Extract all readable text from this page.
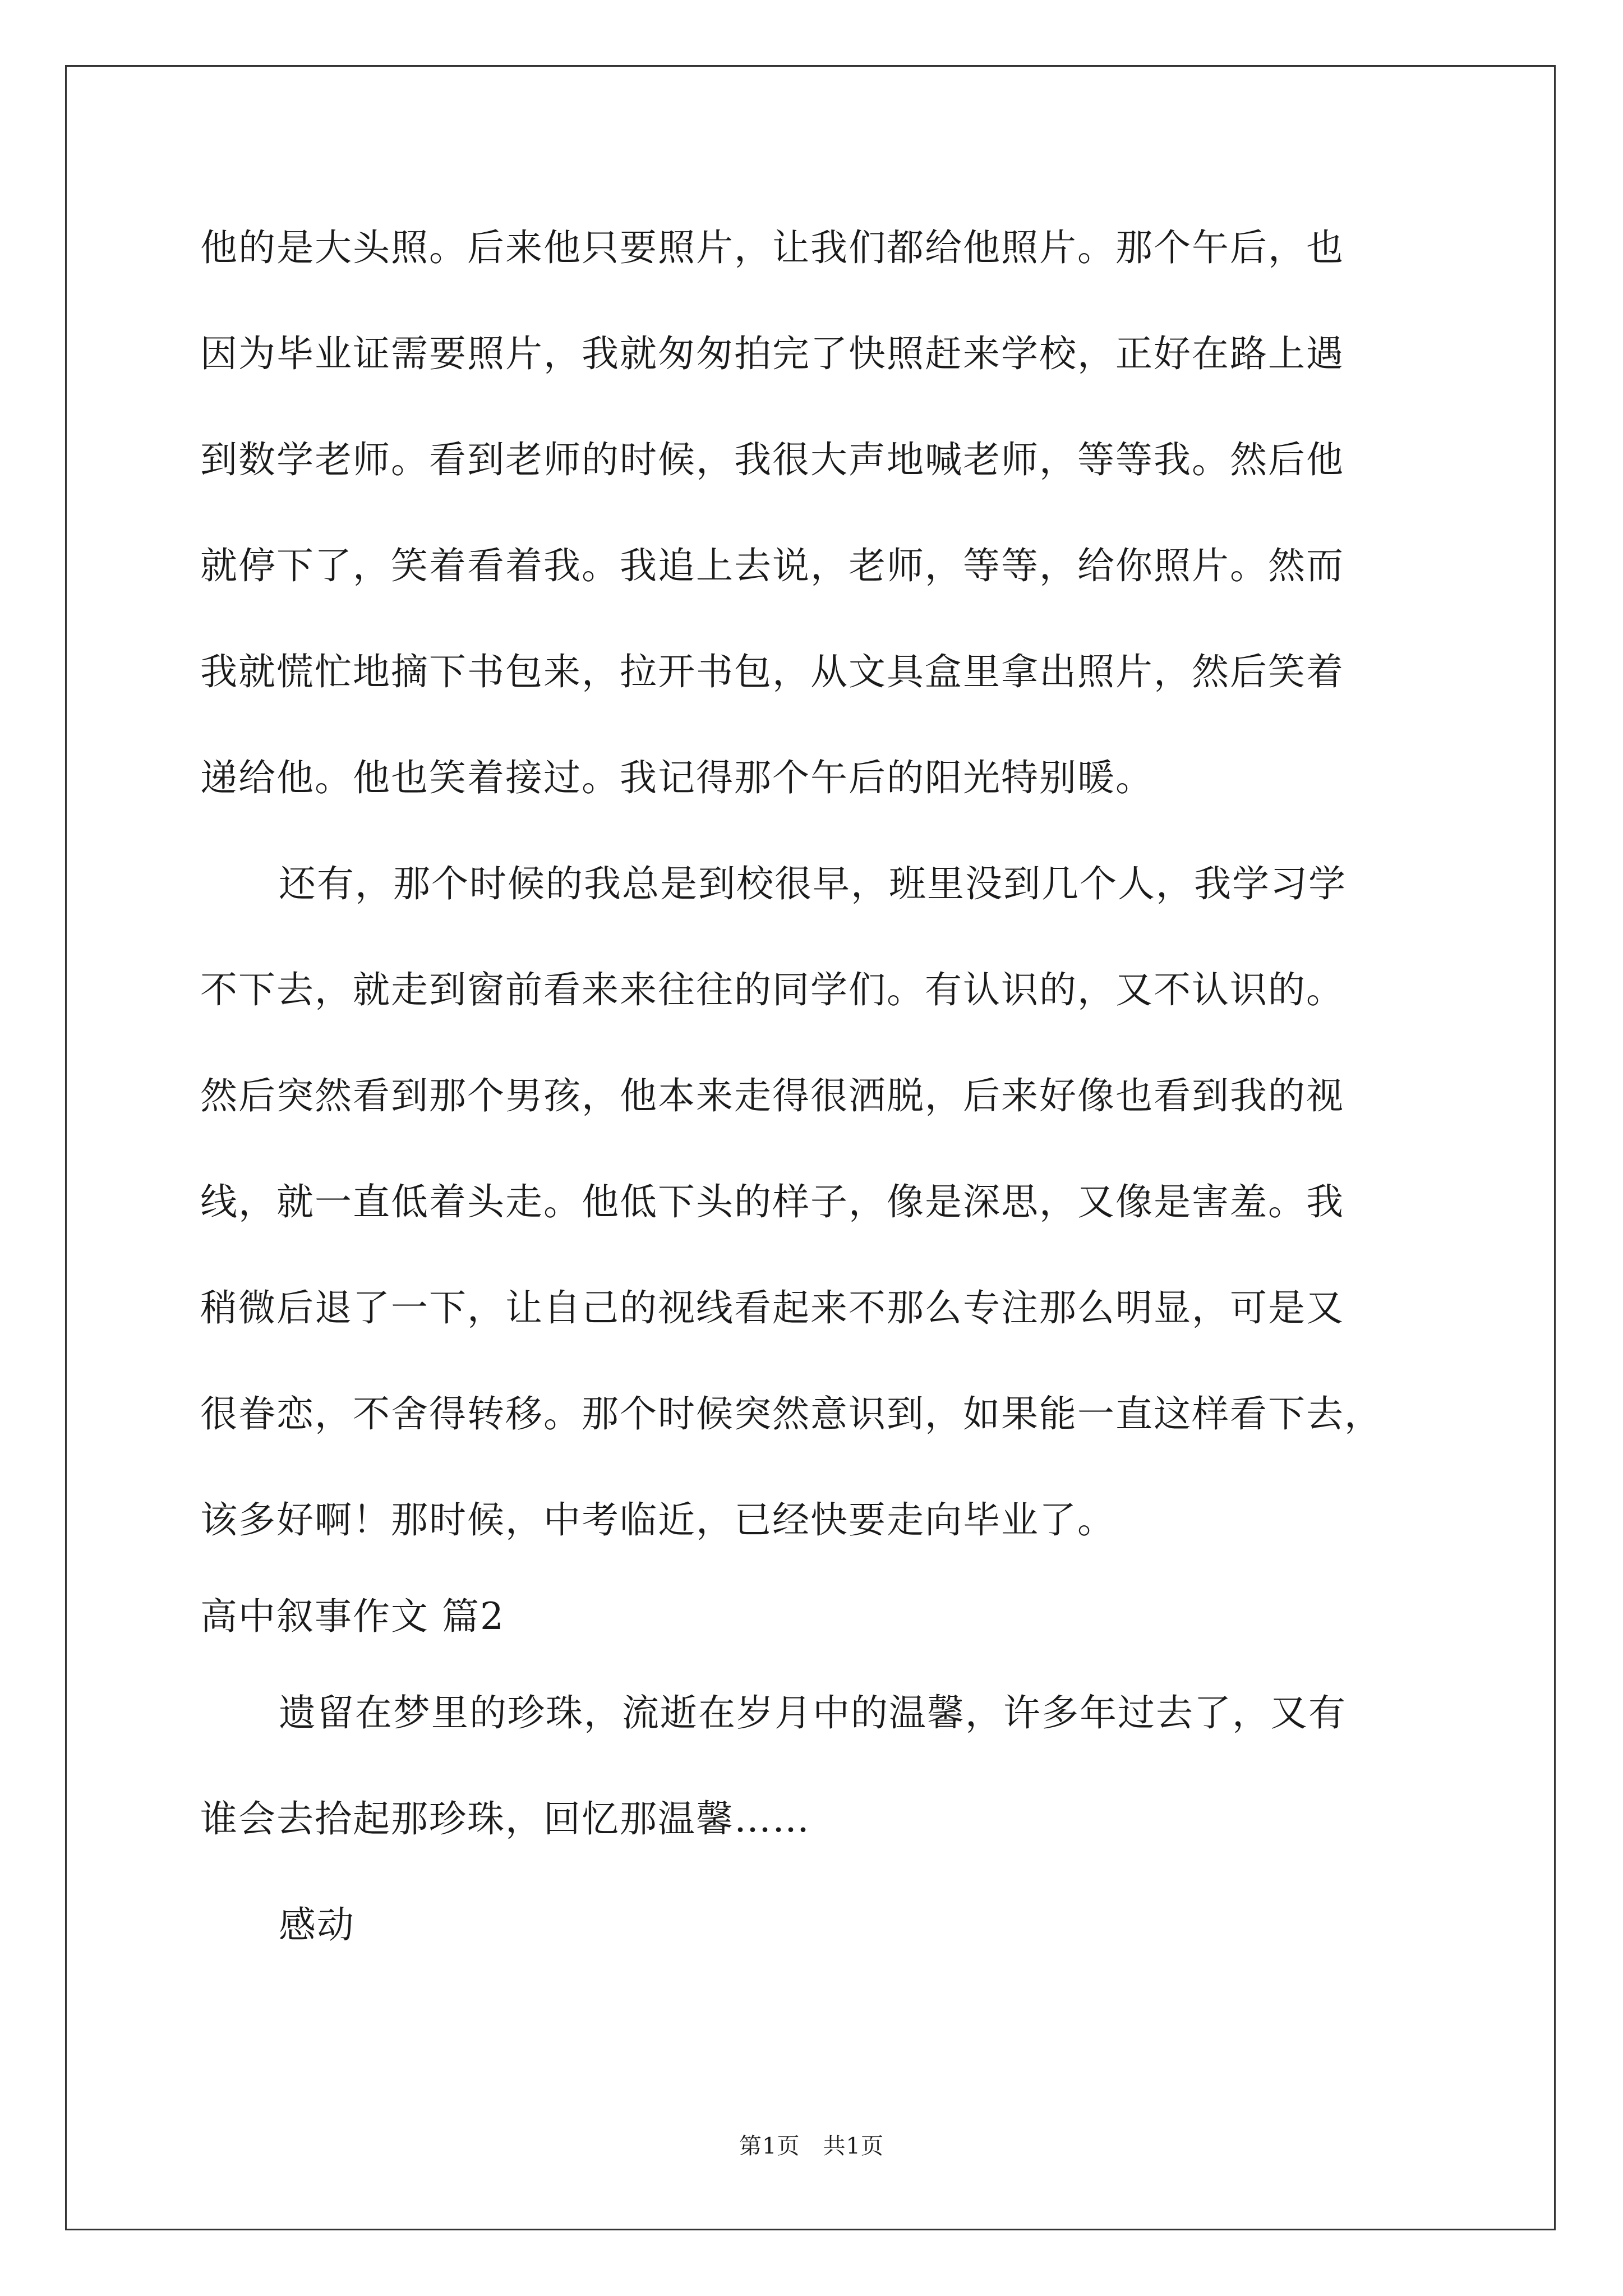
他的是大头照。后来他只要照片，让我们都给他照片。那个午后，也
因为毕业证需要照片，我就匆匆拍完了快照赶来学校，正好在路上遇
到数学老师。看到老师的时候，我很大声地喊老师，等等我。然后他
就停下了，笑着看着我。我追上去说，老师，等等，给你照片。然而
我就慌忙地摘下书包来，拉开书包，从文具盒里拿出照片，然后笑着
递给他。他也笑着接过。我记得那个午后的阳光特别暖。
还有，那个时候的我总是到校很早，班里没到几个人，我学习学
不下去，就走到窗前看来来往往的同学们。有认识的，又不认识的。
然后突然看到那个男孩，他本来走得很洒脱，后来好像也看到我的视
线，就一直低着头走。他低下头的样子，像是深思，又像是害羞。我
稍微后退了一下，让自己的视线看起来不那么专注那么明显，可是又
很眷恋，不舍得转移。那个时候突然意识到，如果能一直这样看下去，
该多好啊！那时候，中考临近，已经快要走向毕业了。
高中叙事作文 篇2
遗留在梦里的珍珠，流逝在岁月中的温馨，许多年过去了，又有
谁会去拾起那珍珠，回忆那温馨……
感动
第1页　共1页
